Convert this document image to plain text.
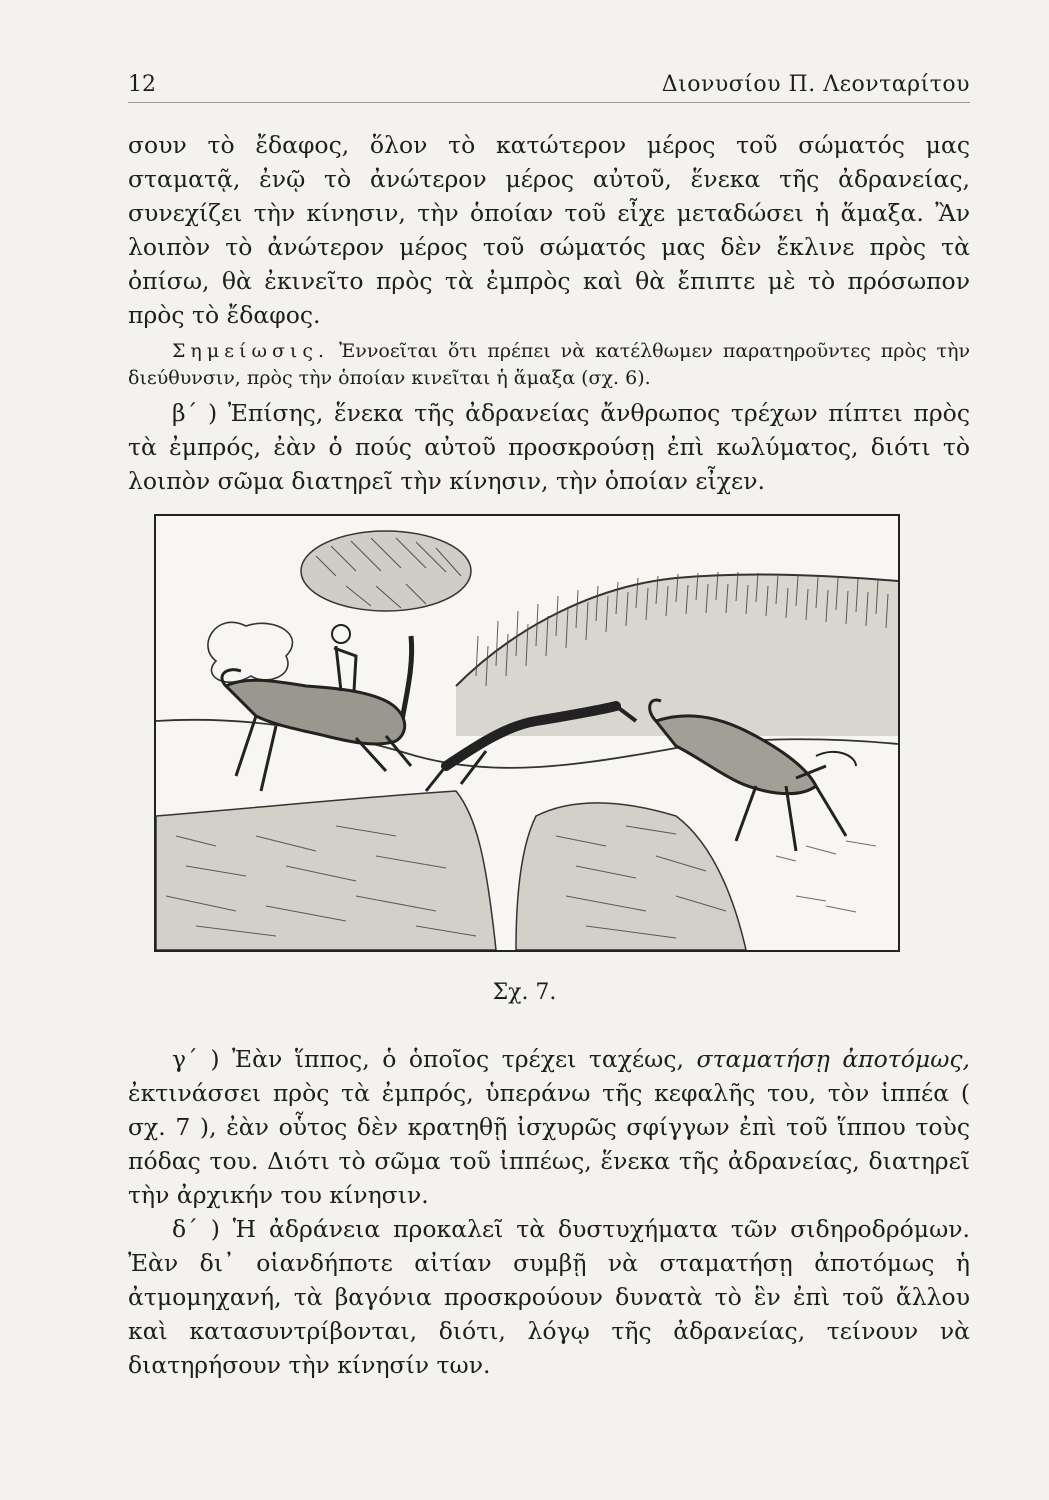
12	Διονυσίου Π. Λεονταρίτου

σουν τὸ ἔδαφος, ὅλον τὸ κατώτερον μέρος τοῦ σώματός μας σταματᾷ, ἐνῷ τὸ ἀνώτερον μέρος αὐτοῦ, ἕνεκα τῆς ἀδρανείας, συνεχίζει τὴν κίνησιν, τὴν ὁποίαν τοῦ εἶχε μεταδώσει ἡ ἅμαξα. Ἂν λοιπὸν τὸ ἀνώτερον μέρος τοῦ σώματός μας δὲν ἔκλινε πρὸς τὰ ὀπίσω, θὰ ἐκινεῖτο πρὸς τὰ ἐμπρὸς καὶ θὰ ἔπιπτε μὲ τὸ πρόσωπον πρὸς τὸ ἔδαφος.

Σημείωσις. Ἐννοεῖται ὅτι πρέπει νὰ κατέλθωμεν παρατηροῦντες πρὸς τὴν διεύθυνσιν, πρὸς τὴν ὁποίαν κινεῖται ἡ ἅμαξα (σχ. 6).

β΄ ) Ἐπίσης, ἕνεκα τῆς ἀδρανείας ἄνθρωπος τρέχων πίπτει πρὸς τὰ ἐμπρός, ἐὰν ὁ πούς αὐτοῦ προσκρούσῃ ἐπὶ κωλύματος, διότι τὸ λοιπὸν σῶμα διατηρεῖ τὴν κίνησιν, τὴν ὁποίαν εἶχεν.

Σχ. 7.

γ΄ ) Ἐὰν ἵππος, ὁ ὁποῖος τρέχει ταχέως, σταματήσῃ ἀποτόμως, ἐκτινάσσει πρὸς τὰ ἐμπρός, ὑπεράνω τῆς κεφαλῆς του, τὸν ἱππέα ( σχ. 7 ), ἐὰν οὗτος δὲν κρατηθῇ ἰσχυρῶς σφίγγων ἐπὶ τοῦ ἵππου τοὺς πόδας του. Διότι τὸ σῶμα τοῦ ἱππέως, ἕνεκα τῆς ἀδρανείας, διατηρεῖ τὴν ἀρχικήν του κίνησιν.

δ΄ ) Ἡ ἀδράνεια προκαλεῖ τὰ δυστυχήματα τῶν σιδηροδρόμων. Ἐὰν δι᾽ οἱανδήποτε αἰτίαν συμβῇ νὰ σταματήσῃ ἀποτόμως ἡ ἀτμομηχανή, τὰ βαγόνια προσκρούουν δυνατὰ τὸ ἓν ἐπὶ τοῦ ἄλλου καὶ κατασυντρίβονται, διότι, λόγῳ τῆς ἀδρανείας, τείνουν νὰ διατηρήσουν τὴν κίνησίν των.
